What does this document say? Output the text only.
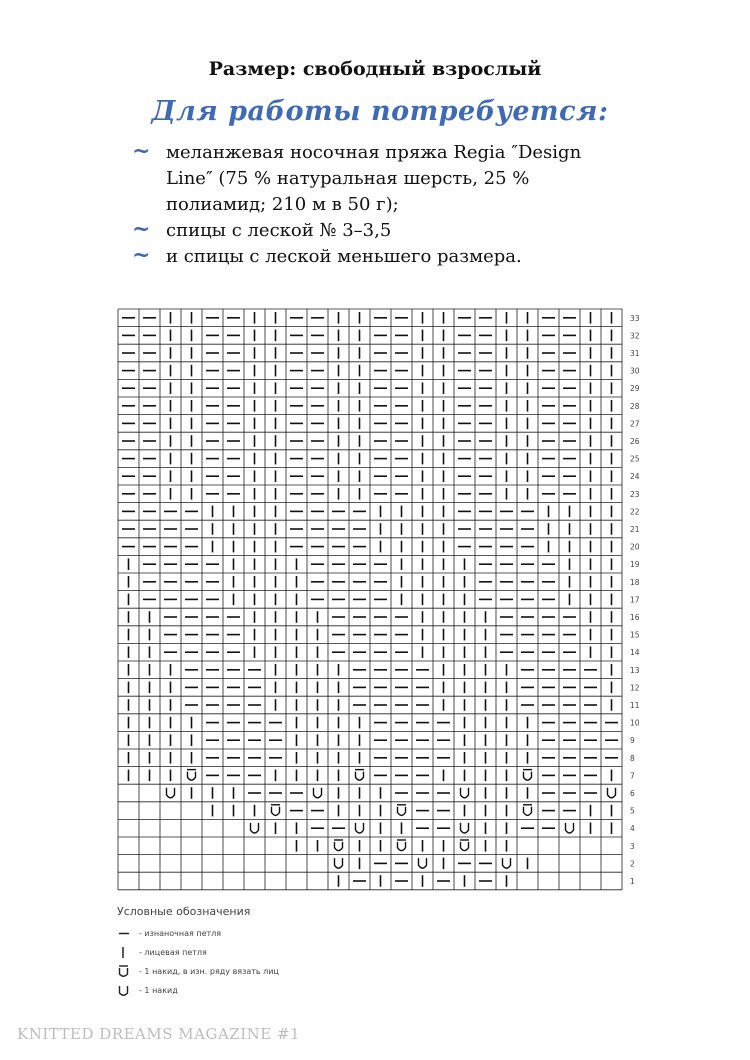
Размер: свободный взрослый
Для работы потребуется:
~ меланжевая носочная пряжа Regia ″Design Line″ (75 % натуральная шерсть, 25 % полиамид; 210 м в 50 г);
~ спицы с леской № 3–3,5
~ и спицы с леской меньшего размера.
33
32
31
30
29
28
27
26
25
24
23
22
21
20
19
18
17
16
15
14
13
12
11
10
9
8
7
6
5
4
3
2
1
Условные обозначения
- изнаночная петля
- лицевая петля
- 1 накид, в изн. ряду вязать лиц
- 1 накид
KNITTED DREAMS MAGAZINE #1
